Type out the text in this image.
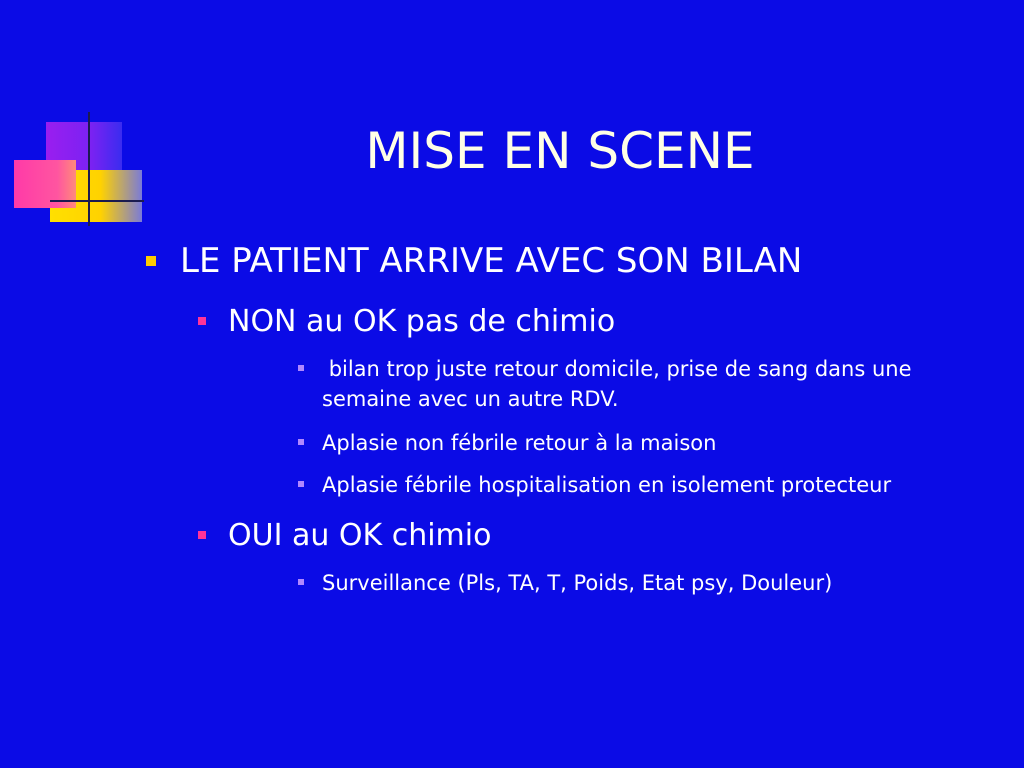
MISE EN SCENE
LE PATIENT ARRIVE AVEC SON BILAN
NON au OK pas de chimio
bilan trop juste retour domicile, prise de sang dans une semaine avec un autre RDV.
Aplasie non fébrile retour à la maison
Aplasie fébrile hospitalisation en isolement protecteur
OUI au OK chimio
Surveillance (Pls, TA, T, Poids, Etat psy, Douleur)
